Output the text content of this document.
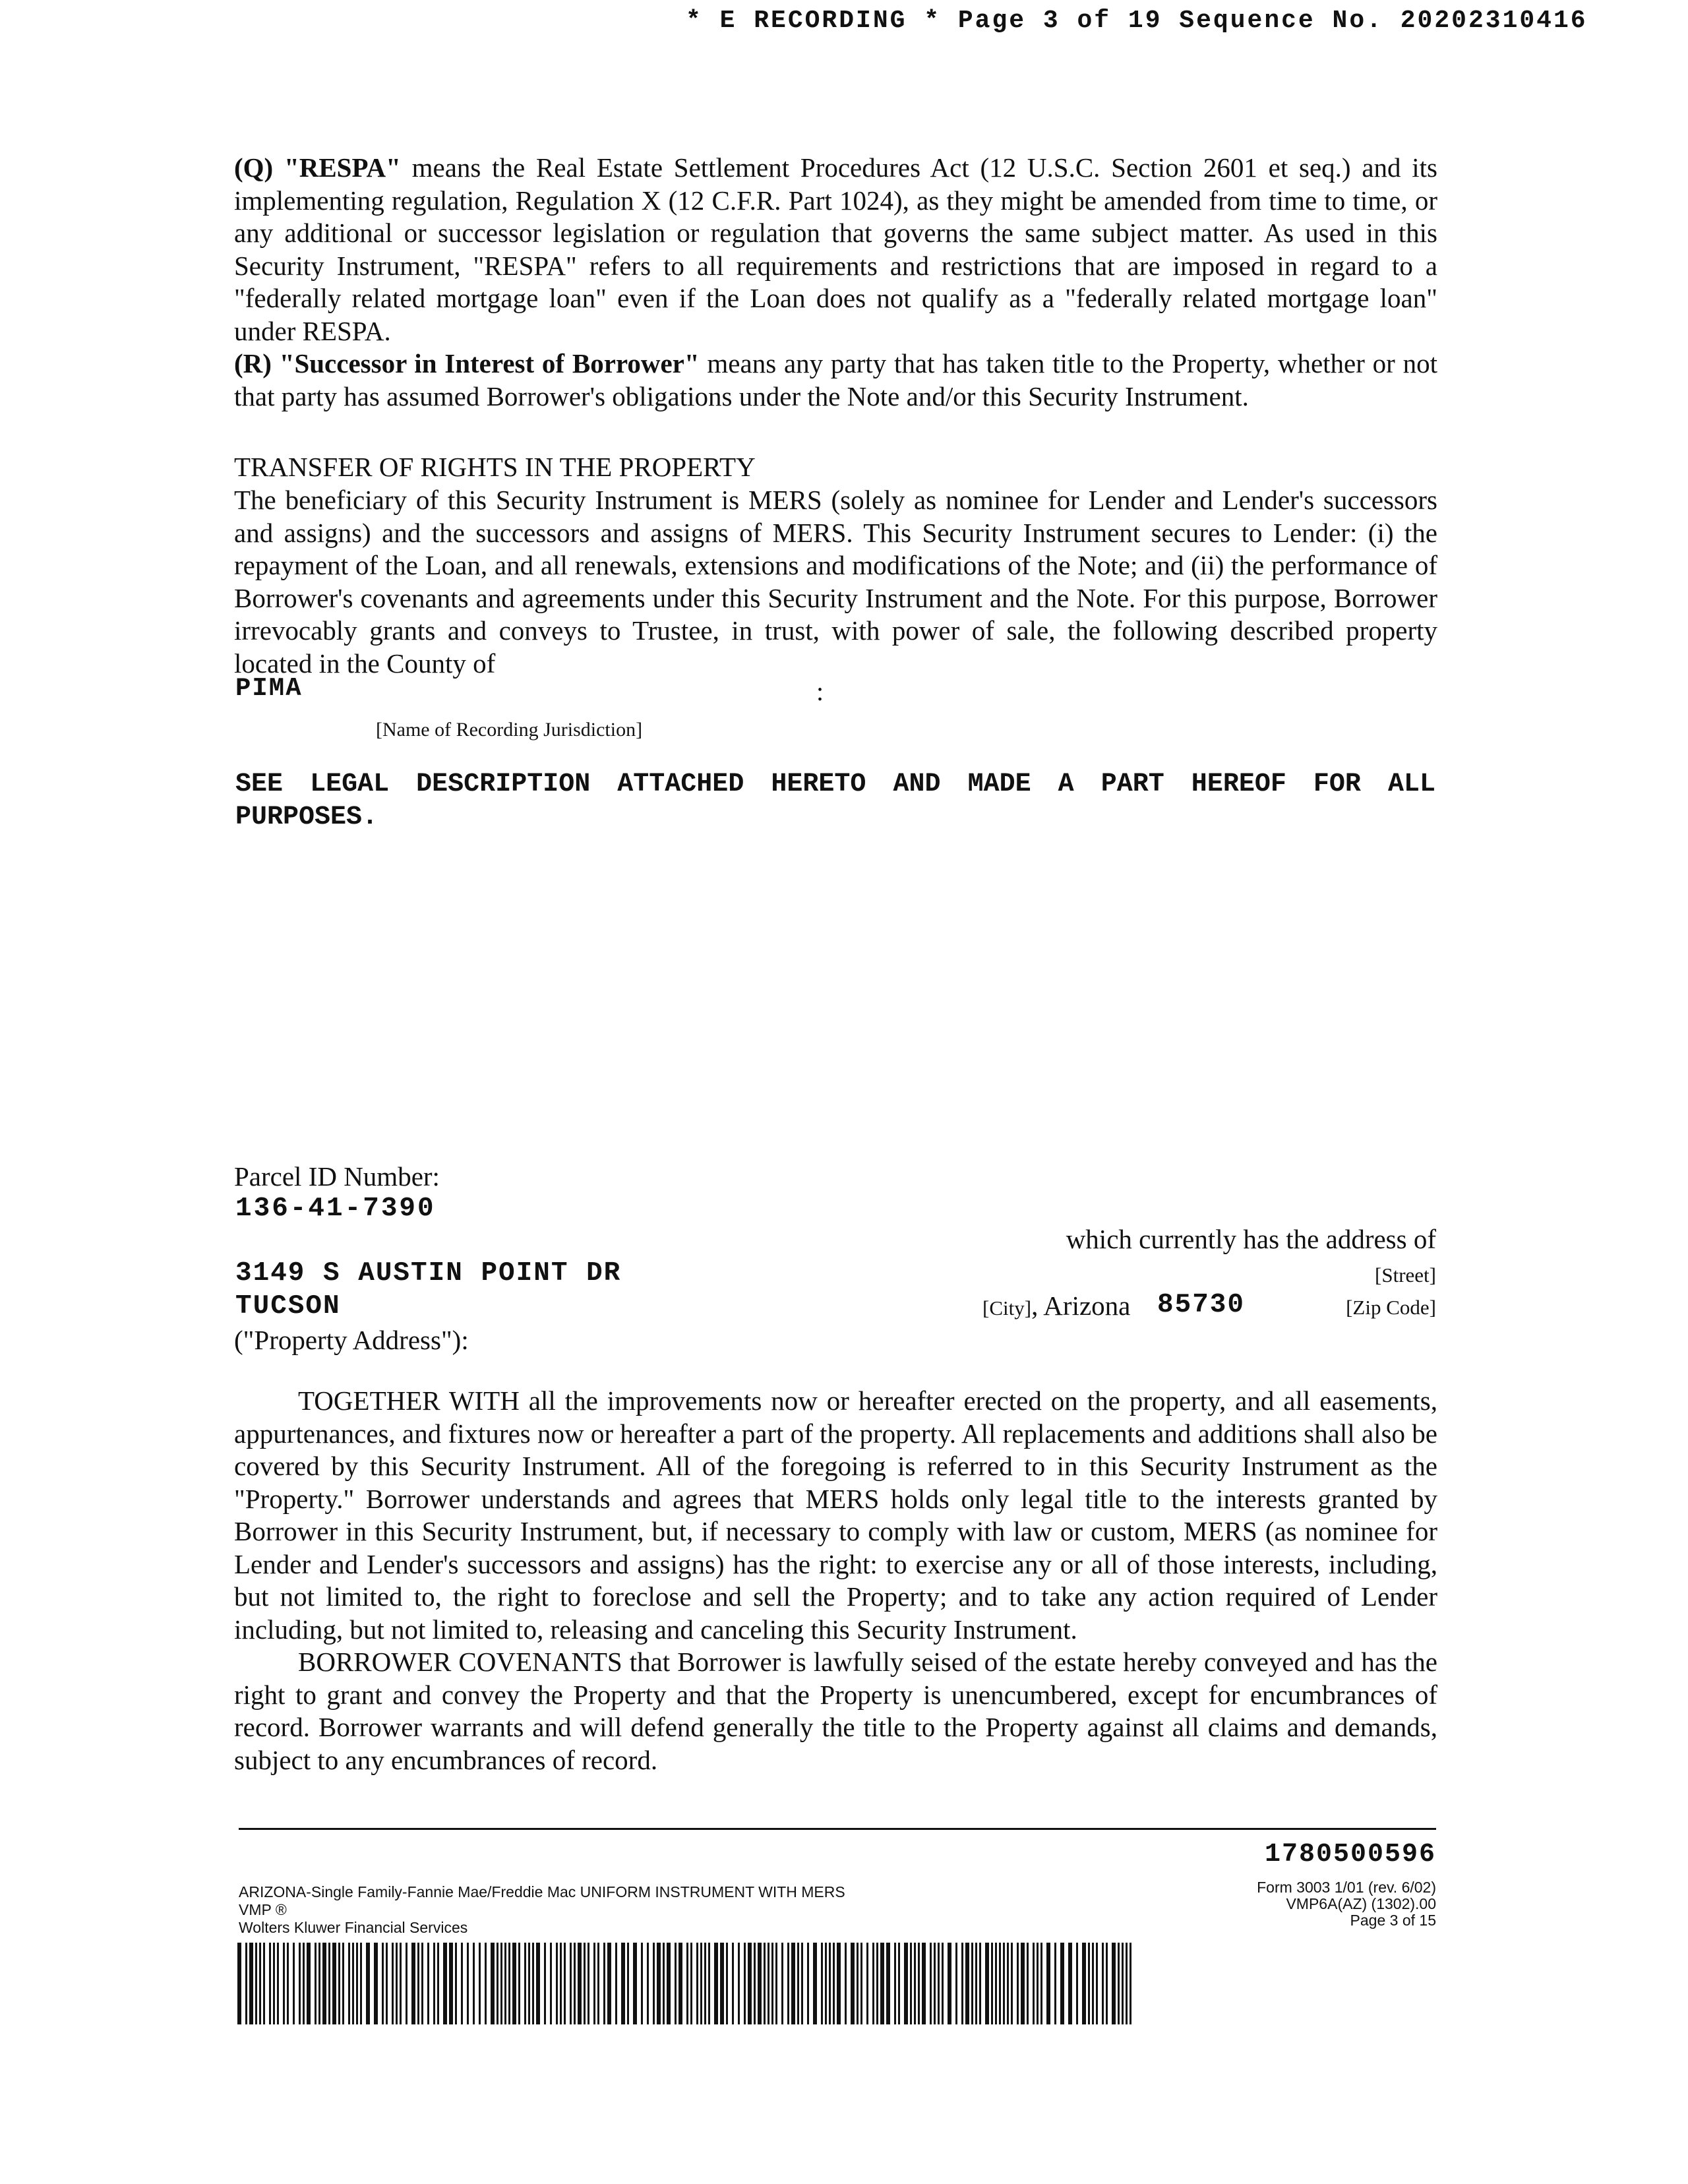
* E RECORDING * Page 3 of 19 Sequence No. 20202310416

(Q) "RESPA" means the Real Estate Settlement Procedures Act (12 U.S.C. Section 2601 et seq.) and its implementing regulation, Regulation X (12 C.F.R. Part 1024), as they might be amended from time to time, or any additional or successor legislation or regulation that governs the same subject matter. As used in this Security Instrument, "RESPA" refers to all requirements and restrictions that are imposed in regard to a "federally related mortgage loan" even if the Loan does not qualify as a "federally related mortgage loan" under RESPA.

(R) "Successor in Interest of Borrower" means any party that has taken title to the Property, whether or not that party has assumed Borrower's obligations under the Note and/or this Security Instrument.

TRANSFER OF RIGHTS IN THE PROPERTY
The beneficiary of this Security Instrument is MERS (solely as nominee for Lender and Lender's successors and assigns) and the successors and assigns of MERS. This Security Instrument secures to Lender: (i) the repayment of the Loan, and all renewals, extensions and modifications of the Note; and (ii) the performance of Borrower's covenants and agreements under this Security Instrument and the Note. For this purpose, Borrower irrevocably grants and conveys to Trustee, in trust, with power of sale, the following described property located in the County of
PIMA	:
[Name of Recording Jurisdiction]
SEE LEGAL DESCRIPTION ATTACHED HERETO AND MADE A PART HEREOF FOR ALL PURPOSES.
Parcel ID Number:
136-41-7390
which currently has the address of
3149 S AUSTIN POINT DR	[Street]
TUCSON	[City], Arizona 85730	[Zip Code]
("Property Address"):

TOGETHER WITH all the improvements now or hereafter erected on the property, and all easements, appurtenances, and fixtures now or hereafter a part of the property. All replacements and additions shall also be covered by this Security Instrument. All of the foregoing is referred to in this Security Instrument as the "Property." Borrower understands and agrees that MERS holds only legal title to the interests granted by Borrower in this Security Instrument, but, if necessary to comply with law or custom, MERS (as nominee for Lender and Lender's successors and assigns) has the right: to exercise any or all of those interests, including, but not limited to, the right to foreclose and sell the Property; and to take any action required of Lender including, but not limited to, releasing and canceling this Security Instrument.

BORROWER COVENANTS that Borrower is lawfully seised of the estate hereby conveyed and has the right to grant and convey the Property and that the Property is unencumbered, except for encumbrances of record. Borrower warrants and will defend generally the title to the Property against all claims and demands, subject to any encumbrances of record.

1780500596
ARIZONA-Single Family-Fannie Mae/Freddie Mac UNIFORM INSTRUMENT WITH MERS
VMP ®
Wolters Kluwer Financial Services
Form 3003 1/01 (rev. 6/02)
VMP6A(AZ) (1302).00
Page 3 of 15
